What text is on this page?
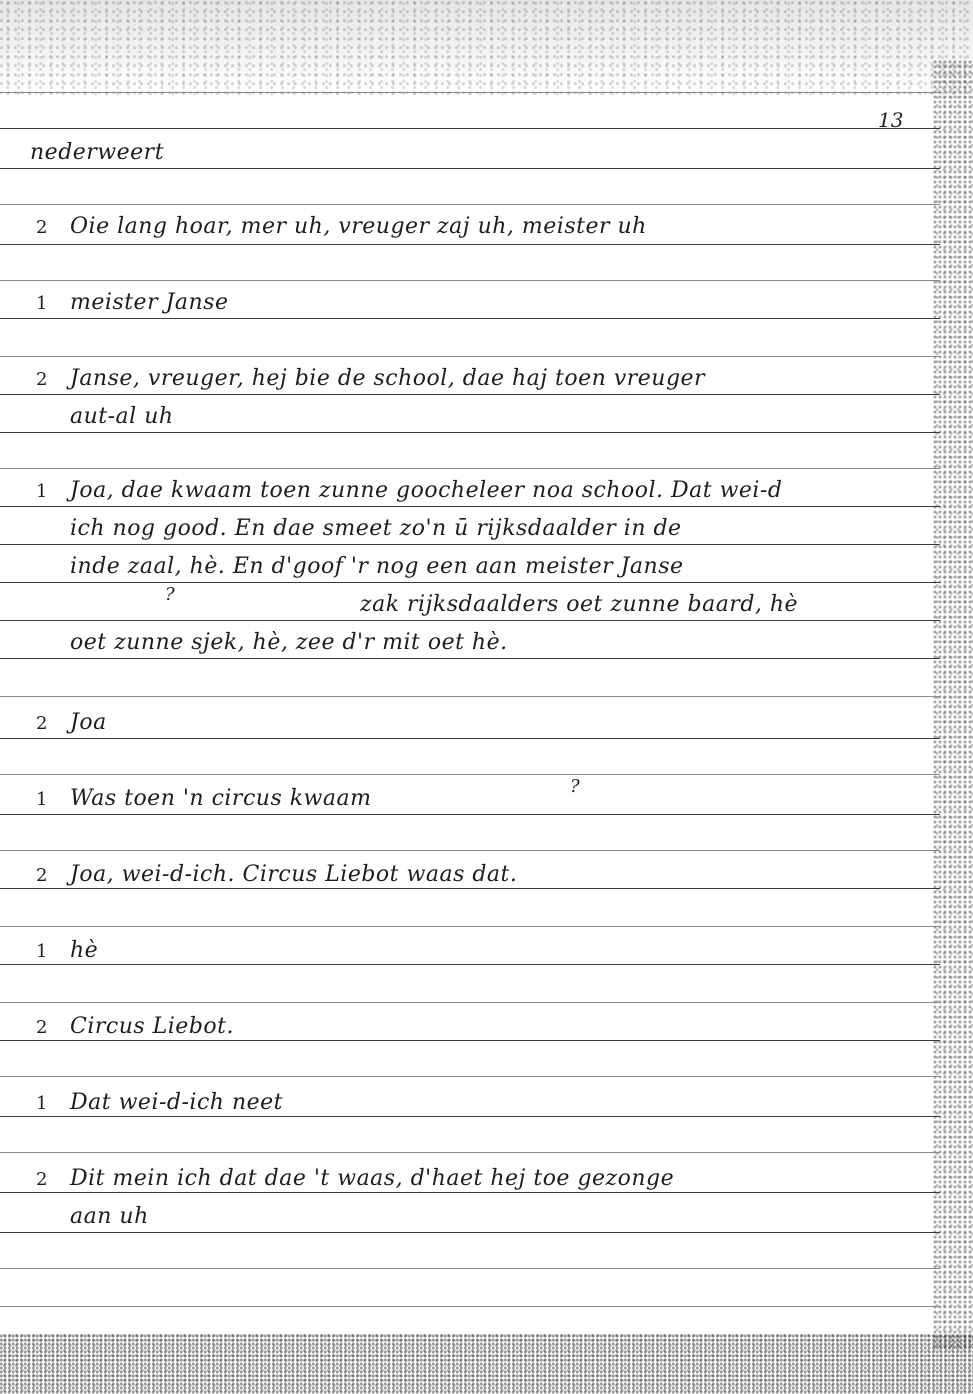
13
nederweert
2 Oie lang hoar, mer uh, vreuger zaj uh, meister uh
1 meister Janse
2 Janse, vreuger, hej bie de school, dae haj toen vreuger
aut-al uh
1 Joa, dae kwaam toen zunne goocheleer noa school. Dat wei-d
ich nog good. En dae smeet zo'n ū rijksdaalder in de
inde zaal, hè. En d'goof 'r nog een aan meister Janse
zak rijksdaalders oet zunne baard, hè
oet zunne sjek, hè, zee d'r mit oet hè.
2 Joa
1 Was toen 'n circus kwaam
2 Joa, wei-d-ich. Circus Liebot waas dat.
1 hè
2 Circus Liebot.
1 Dat wei-d-ich neet
2 Dit mein ich dat dae 't waas, d'haet hej toe gezonge
aan uh
?
?
